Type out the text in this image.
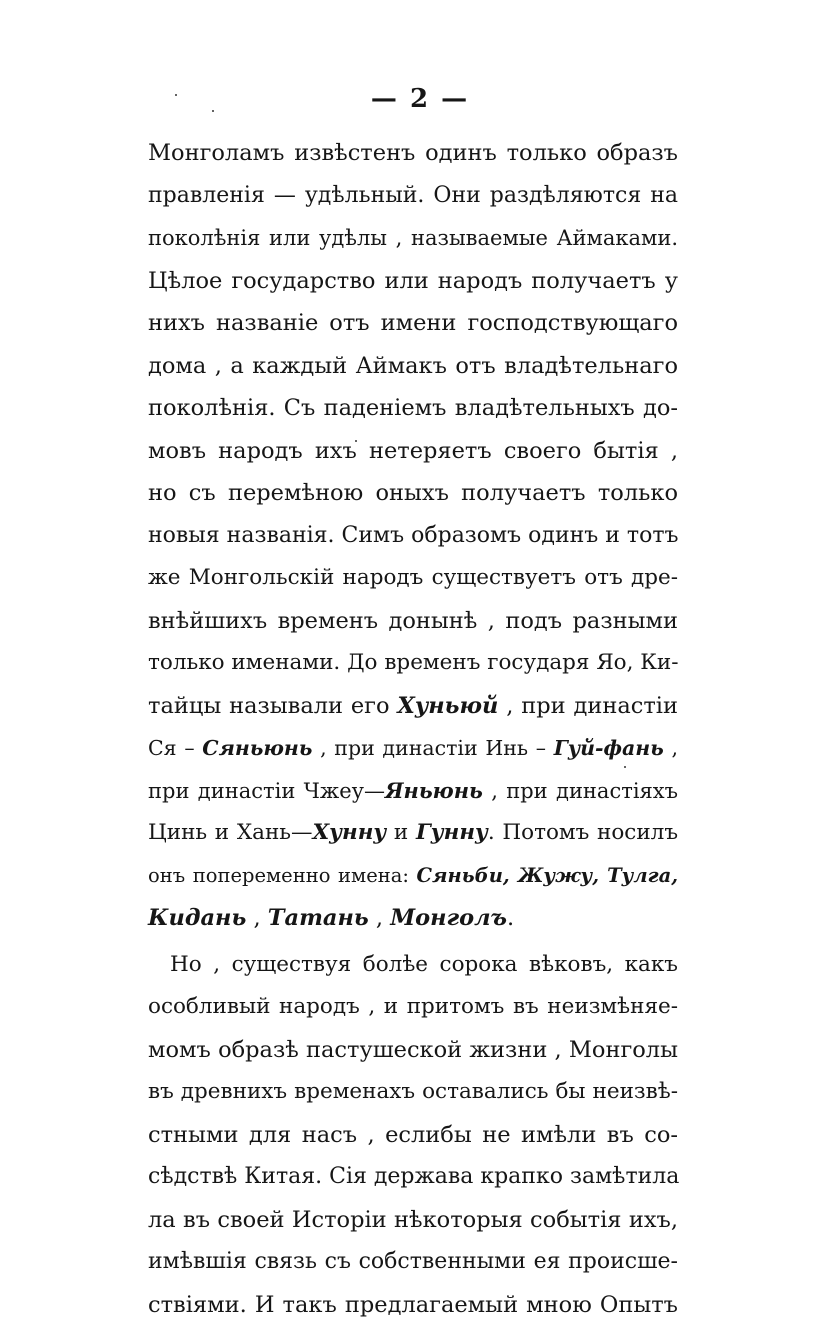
— 2 —
Монголамъ извѣстенъ одинъ только образъ
правленія — удѣльный. Они раздѣляются на
поколѣнія или удѣлы , называемые Аймаками.
Цѣлое государство или народъ получаетъ у
нихъ названіе отъ имени господствующаго
дома , а каждый Аймакъ отъ владѣтельнаго
поколѣнія. Съ паденіемъ владѣтельныхъ до-
мовъ народъ ихъ нетеряетъ своего бытія ,
но съ перемѣною оныхъ получаетъ только
новыя названія. Симъ образомъ одинъ и тотъ
же Монгольскій народъ существуетъ отъ дре-
внѣйшихъ временъ донынѣ , подъ разными
только именами. До временъ государя Яо, Ки-
тайцы называли его Хуньюй , при династіи
Ся – Сяньюнь , при династіи Инь – Гуй-фань ,
при династіи Чжеу—Яньюнь , при династіяхъ
Цинь и Хань—Хунну и Гунну. Потомъ носилъ
онъ попеременно имена: Сяньби, Жужу, Тулга,
Кидань , Татань , Монголъ.
Но , существуя болѣе сорока вѣковъ, какъ
особливый народъ , и притомъ въ неизмѣняе-
момъ образѣ пастушеской жизни , Монголы
въ древнихъ временахъ оставались бы неизвѣ-
стными для насъ , еслибы не имѣли въ со-
сѣдствѣ Китая. Сія держава крапко замѣтила
ла въ своей Исторіи нѣкоторыя событія ихъ,
имѣвшія связь съ собственными ея происше-
ствіями. И такъ предлагаемый мною Опытъ
